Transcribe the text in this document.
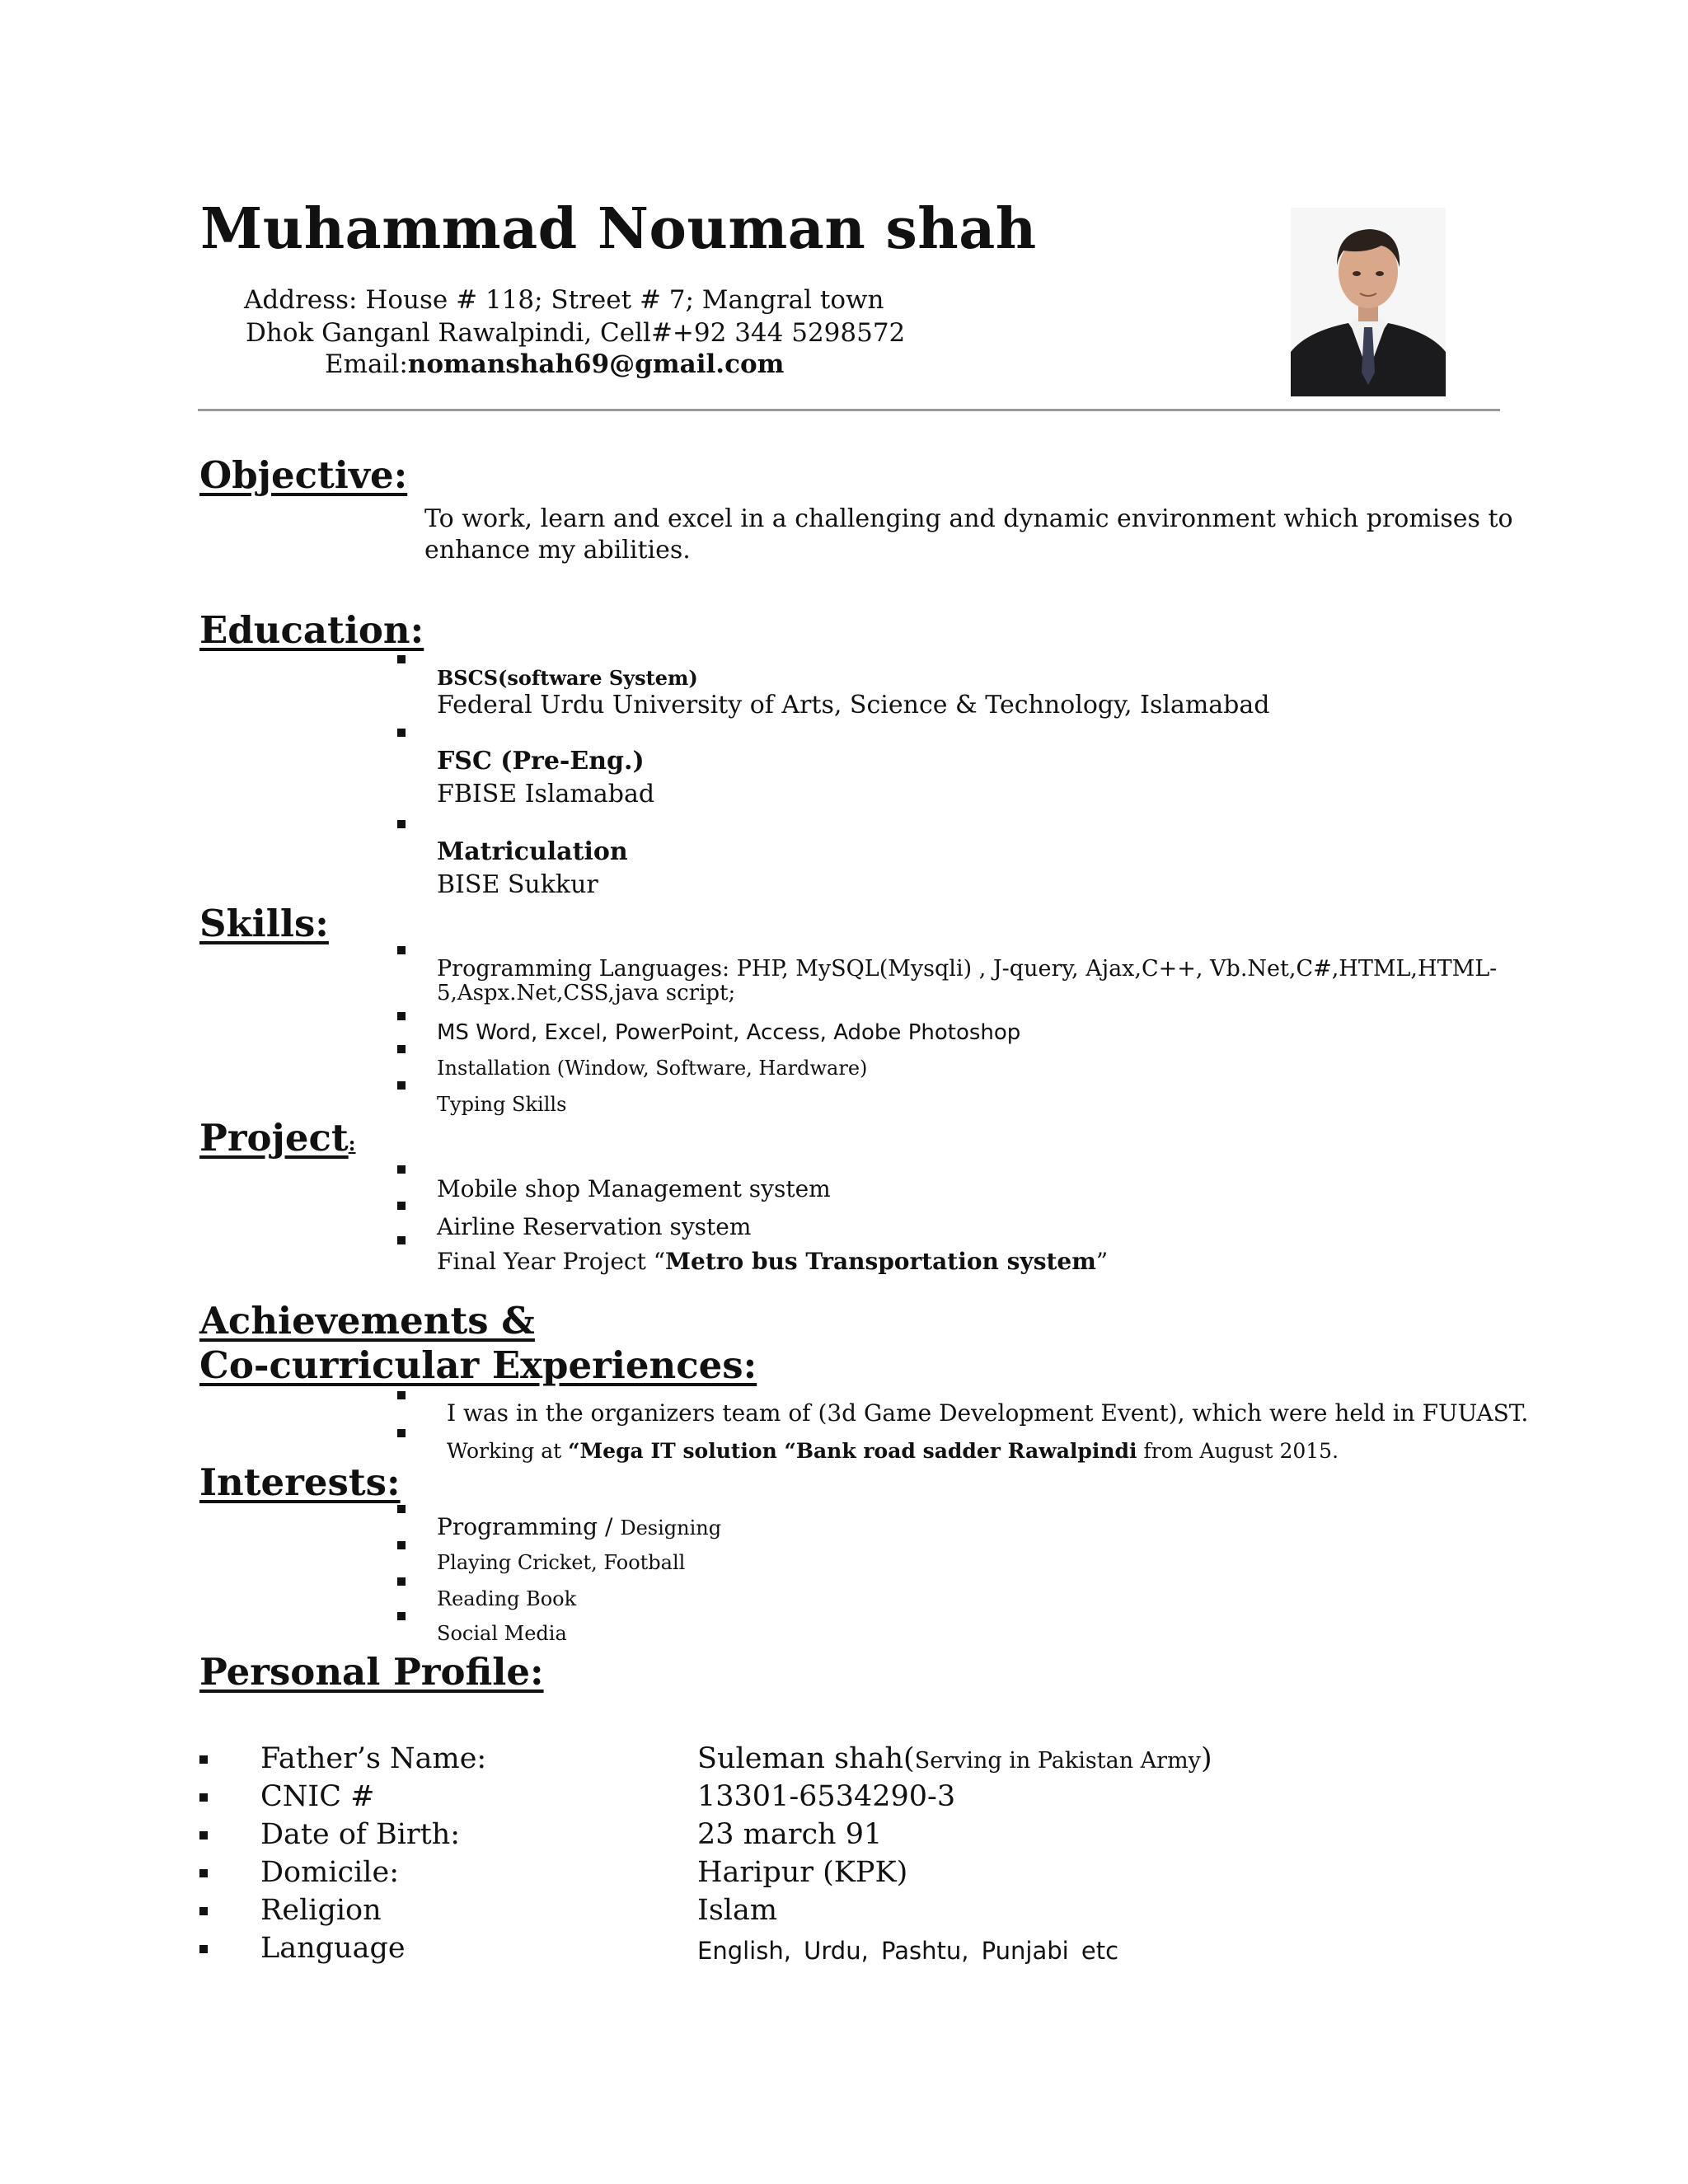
Muhammad Nouman shah
Address: House # 118; Street # 7; Mangral town
Dhok Ganganl Rawalpindi, Cell#+92 344 5298572
Email:nomanshah69@gmail.com
Objective:
To work, learn and excel in a challenging and dynamic environment which promises to
enhance my abilities.
Education:
BSCS(software System)
Federal Urdu University of Arts, Science & Technology, Islamabad
FSC (Pre-Eng.)
FBISE Islamabad
Matriculation
BISE Sukkur
Skills:
Programming Languages: PHP, MySQL(Mysqli) , J-query, Ajax,C++, Vb.Net,C#,HTML,HTML-
5,Aspx.Net,CSS,java script;
MS Word, Excel, PowerPoint, Access, Adobe Photoshop
Installation (Window, Software, Hardware)
Typing Skills
Project:
Mobile shop Management system
Airline Reservation system
Final Year Project “Metro bus Transportation system”
Achievements &
Co-curricular Experiences:
I was in the organizers team of (3d Game Development Event), which were held in FUUAST.
Working at “Mega IT solution “Bank road sadder Rawalpindi from August 2015.
Interests:
Programming / Designing
Playing Cricket, Football
Reading Book
Social Media
Personal Profile:
Father’s Name:	Suleman shah(Serving in Pakistan Army)
CNIC #	13301-6534290-3
Date of Birth:	23 march 91
Domicile:	Haripur (KPK)
Religion	Islam
Language	English, Urdu, Pashtu, Punjabi etc
